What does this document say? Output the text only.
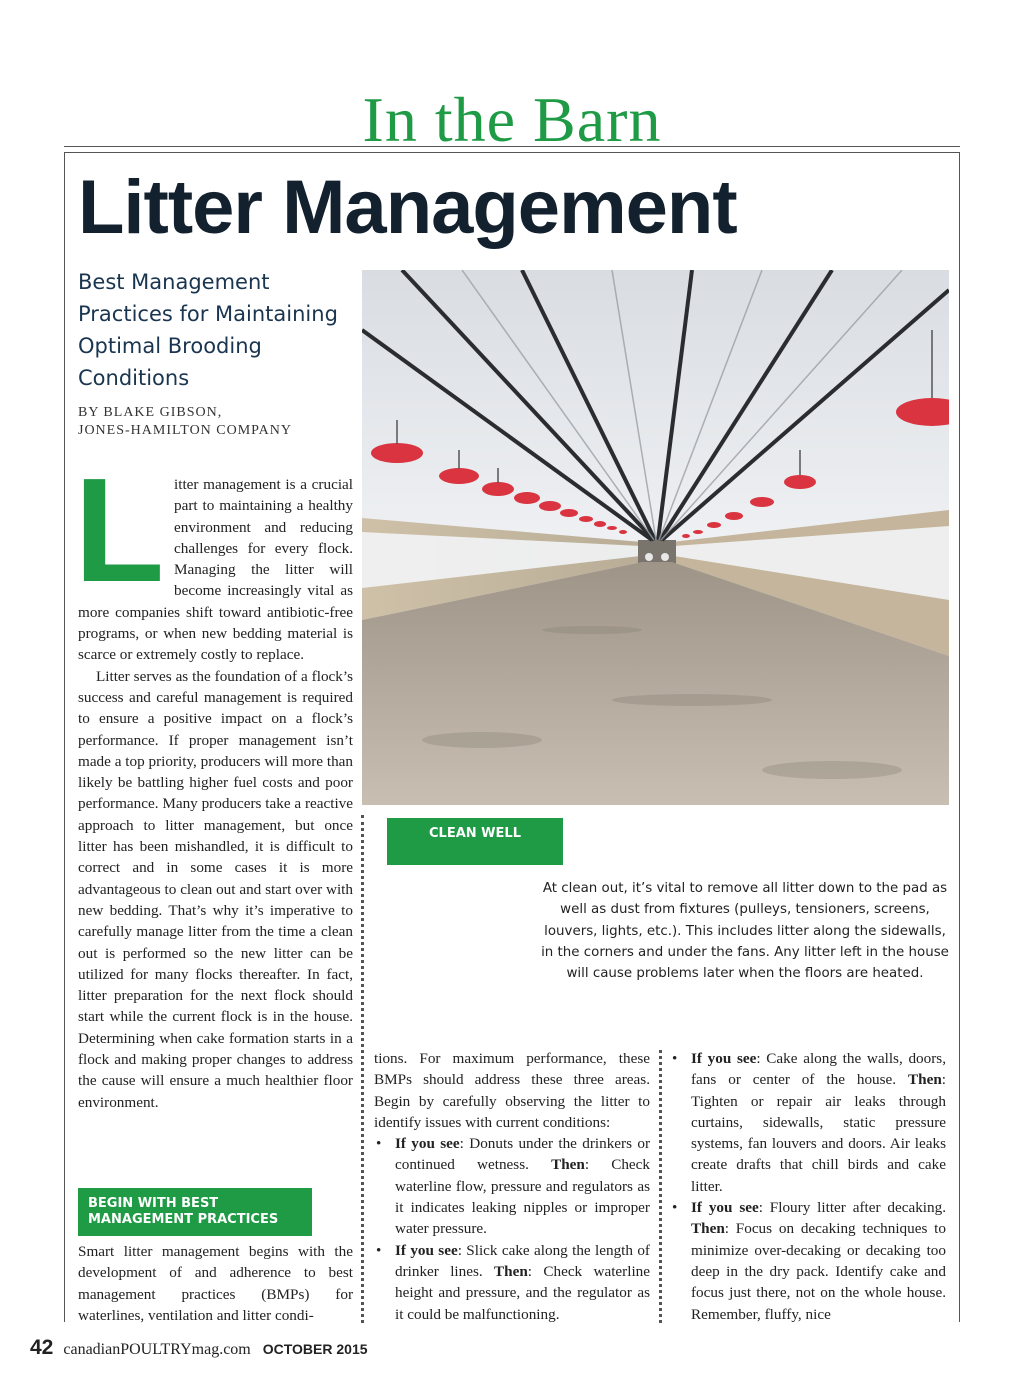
In the Barn
Litter Management
Best Management Practices for Maintaining Optimal Brooding Conditions
BY BLAKE GIBSON,
JONES-HAMILTON COMPANY
L itter management is a crucial part to maintaining a healthy environment and reducing challenges for every flock. Managing the litter will become increasingly vital as more companies shift toward antibiotic-free programs, or when new bedding material is scarce or extremely costly to replace.

Litter serves as the foundation of a flock’s success and careful management is required to ensure a positive impact on a flock’s performance. If proper management isn’t made a top priority, producers will more than likely be battling higher fuel costs and poor performance. Many producers take a reactive approach to litter management, but once litter has been mishandled, it is difficult to correct and in some cases it is more advantageous to clean out and start over with new bedding. That’s why it’s imperative to carefully manage litter from the time a clean out is performed so the new litter can be utilized for many flocks thereafter. In fact, litter preparation for the next flock should start while the current flock is in the house. Determining when cake formation starts in a flock and making proper changes to address the cause will ensure a much healthier floor environment.

BEGIN WITH BEST MANAGEMENT PRACTICES

Smart litter management begins with the development of and adherence to best management practices (BMPs) for waterlines, ventilation and litter condi-

CLEAN WELL
At clean out, it’s vital to remove all litter down to the pad as well as dust from fixtures (pulleys, tensioners, screens, louvers, lights, etc.). This includes litter along the sidewalls, in the corners and under the fans. Any litter left in the house will cause problems later when the floors are heated.

tions. For maximum performance, these BMPs should address these three areas. Begin by carefully observing the litter to identify issues with current conditions:

• If you see: Donuts under the drinkers or continued wetness. Then: Check waterline flow, pressure and regulators as it indicates leaking nipples or improper water pressure.
• If you see: Slick cake along the length of drinker lines. Then: Check waterline height and pressure, and the regulator as it could be malfunctioning.
• If you see: Cake along the walls, doors, fans or center of the house. Then: Tighten or repair air leaks through curtains, sidewalls, static pressure systems, fan louvers and doors. Air leaks create drafts that chill birds and cake litter.
• If you see: Floury litter after decaking. Then: Focus on decaking techniques to minimize over-decaking or decaking too deep in the dry pack. Identify cake and focus just there, not on the whole house. Remember, fluffy, nice
42 canadianPOULTRYmag.com OCTOBER 2015
